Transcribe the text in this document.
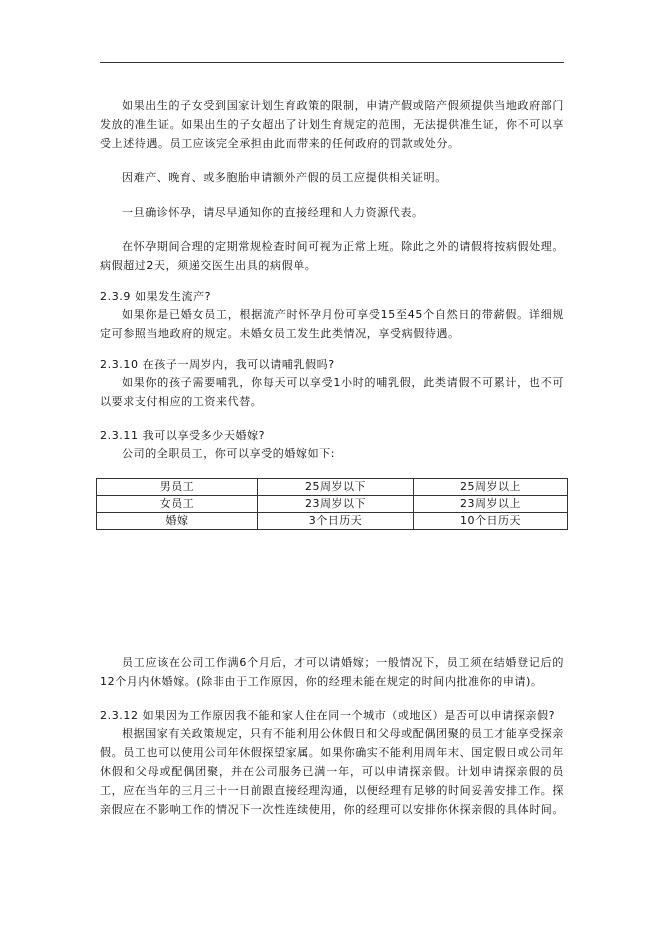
如果出生的子女受到国家计划生育政策的限制，申请产假或陪产假须提供当地政府部门发放的准生证。如果出生的子女超出了计划生育规定的范围，无法提供准生证，你不可以享受上述待遇。员工应该完全承担由此而带来的任何政府的罚款或处分。

因难产、晚育、或多胞胎申请额外产假的员工应提供相关证明。

一旦确诊怀孕，请尽早通知你的直接经理和人力资源代表。

在怀孕期间合理的定期常规检查时间可视为正常上班。除此之外的请假将按病假处理。病假超过2天，须递交医生出具的病假单。

2.3.9 如果发生流产?

如果你是已婚女员工，根据流产时怀孕月份可享受15至45个自然日的带薪假。详细规定可参照当地政府的规定。未婚女员工发生此类情况，享受病假待遇。

2.3.10 在孩子一周岁内，我可以请哺乳假吗?

如果你的孩子需要哺乳，你每天可以享受1小时的哺乳假，此类请假不可累计，也不可以要求支付相应的工资来代替。

2.3.11 我可以享受多少天婚嫁?

公司的全职员工，你可以享受的婚嫁如下:

男员工	25周岁以下	25周岁以上
女员工	23周岁以下	23周岁以上
婚嫁	3个日历天	10个日历天

员工应该在公司工作满6个月后，才可以请婚嫁；一般情况下，员工须在结婚登记后的12个月内休婚嫁。(除非由于工作原因，你的经理未能在规定的时间内批准你的申请)。

2.3.12 如果因为工作原因我不能和家人住在同一个城市（或地区）是否可以申请探亲假?

根据国家有关政策规定，只有不能利用公休假日和父母或配偶团聚的员工才能享受探亲假。员工也可以使用公司年休假探望家属。如果你确实不能利用周年末、国定假日或公司年休假和父母或配偶团聚，并在公司服务已满一年，可以申请探亲假。计划申请探亲假的员工，应在当年的三月三十一日前跟直接经理沟通，以便经理有足够的时间妥善安排工作。探亲假应在不影响工作的情况下一次性连续使用，你的经理可以安排你休探亲假的具体时间。
